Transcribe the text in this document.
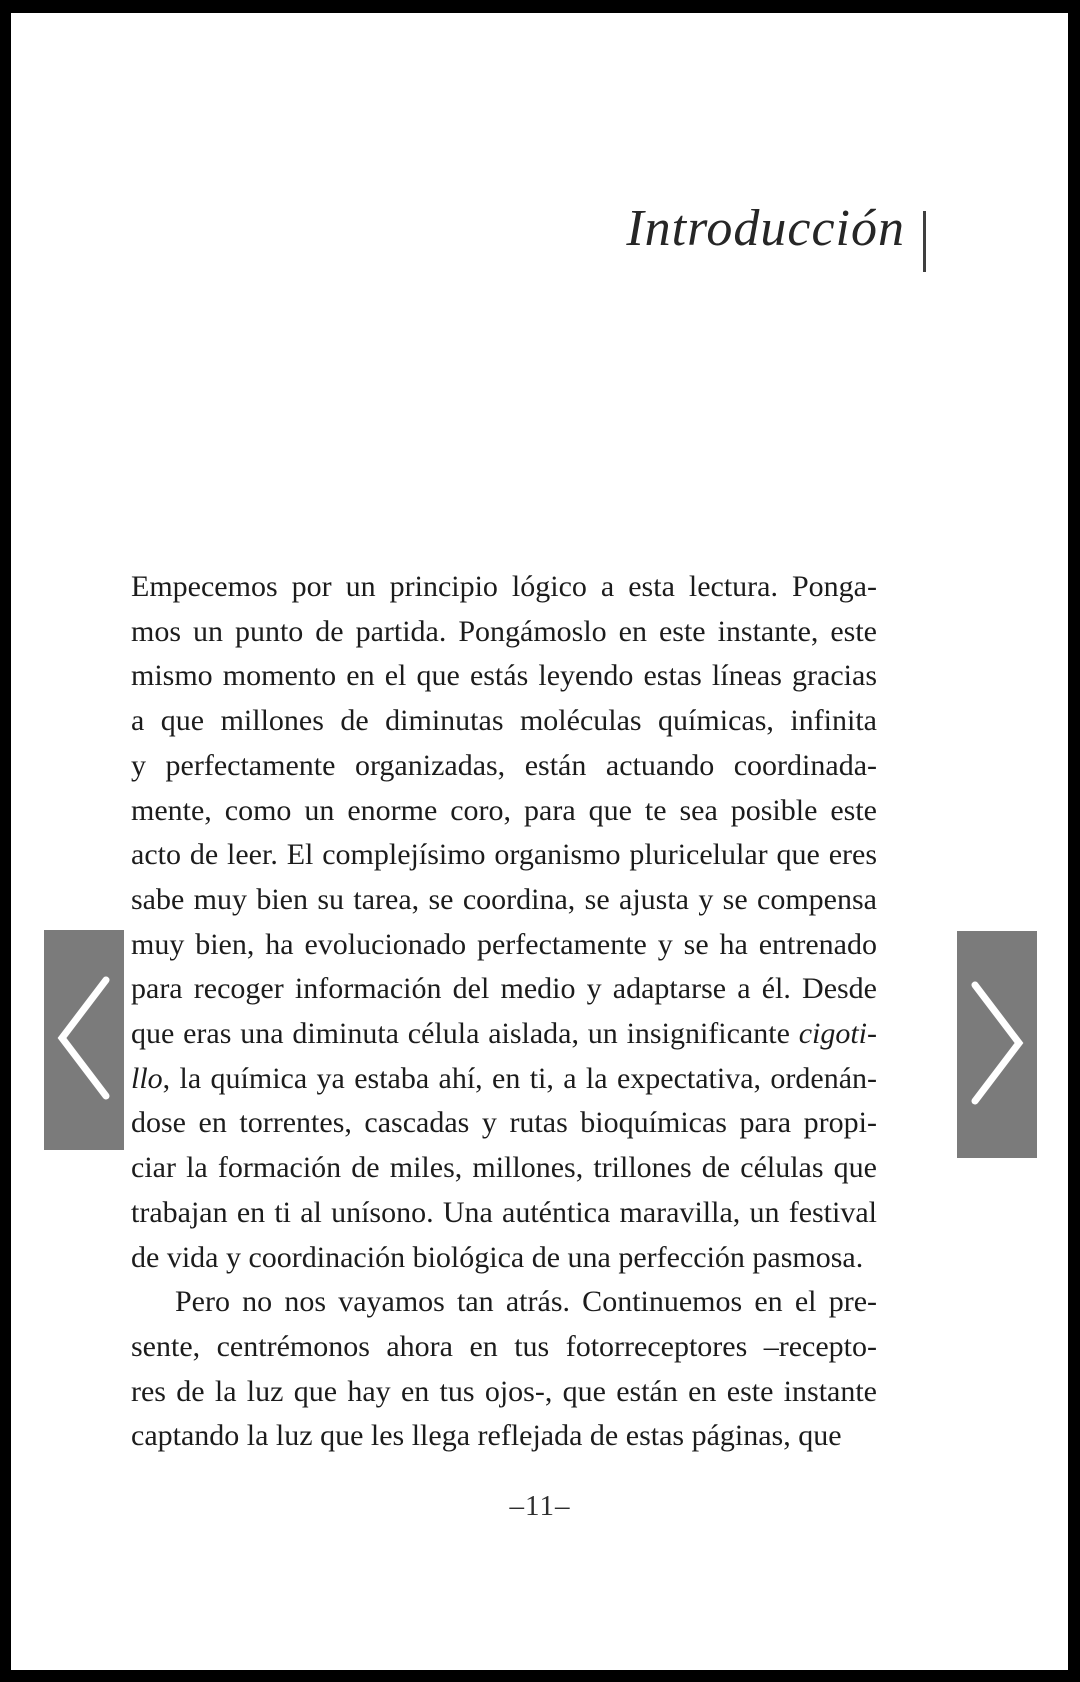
Introducción
Empecemos por un principio lógico a esta lectura. Ponga-
mos un punto de partida. Pongámoslo en este instante, este
mismo momento en el que estás leyendo estas líneas gracias
a que millones de diminutas moléculas químicas, infinita
y perfectamente organizadas, están actuando coordinada-
mente, como un enorme coro, para que te sea posible este
acto de leer. El complejísimo organismo pluricelular que eres
sabe muy bien su tarea, se coordina, se ajusta y se compensa
muy bien, ha evolucionado perfectamente y se ha entrenado
para recoger información del medio y adaptarse a él. Desde
que eras una diminuta célula aislada, un insignificante cigoti-
llo, la química ya estaba ahí, en ti, a la expectativa, ordenán-
dose en torrentes, cascadas y rutas bioquímicas para propi-
ciar la formación de miles, millones, trillones de células que
trabajan en ti al unísono. Una auténtica maravilla, un festival
de vida y coordinación biológica de una perfección pasmosa.
Pero no nos vayamos tan atrás. Continuemos en el pre-
sente, centrémonos ahora en tus fotorreceptores –recepto-
res de la luz que hay en tus ojos-, que están en este instante
captando la luz que les llega reflejada de estas páginas, que
–11–
